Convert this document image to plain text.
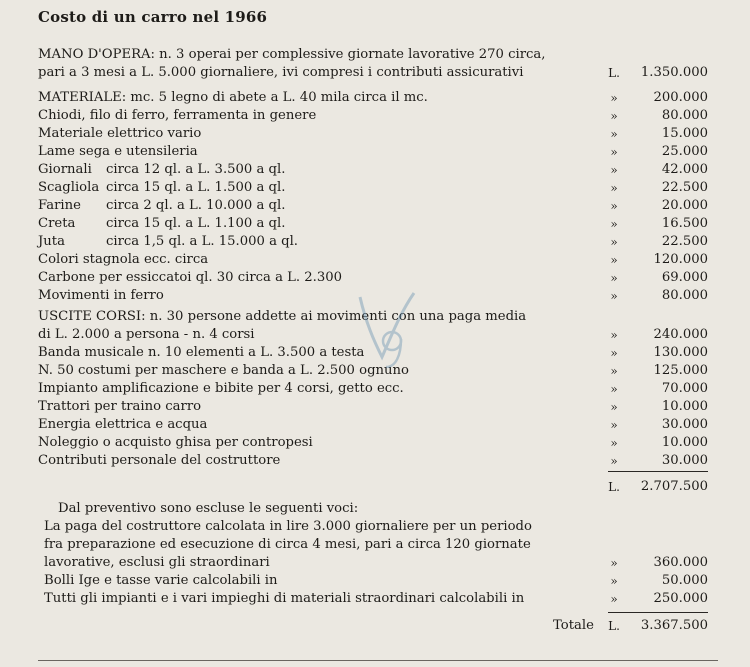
Costo di un carro nel 1966
MANO D'OPERA: n. 3 operai per complessive giornate lavorative 270 circa,
pari a 3 mesi a L. 5.000 giornaliere, ivi compresi i contributi assicurativi	L.	1.350.000
MATERIALE: mc. 5 legno di abete a L. 40 mila circa il mc.	»	200.000
Chiodi, filo di ferro, ferramenta in genere	»	80.000
Materiale elettrico vario	»	15.000
Lame sega e utensileria	»	25.000
Giornali circa 12 ql. a L. 3.500 a ql.	»	42.000
Scagliola circa 15 ql. a L. 1.500 a ql.	»	22.500
Farine circa 2 ql. a L. 10.000 a ql.	»	20.000
Creta circa 15 ql. a L. 1.100 a ql.	»	16.500
Juta	circa 1,5 ql. a L. 15.000 a ql.	»	22.500
Colori stagnola ecc. circa	»	120.000
Carbone per essiccatoi ql. 30 circa a L. 2.300	»	69.000
Movimenti in ferro	»	80.000
USCITE CORSI: n. 30 persone addette ai movimenti con una paga media
di L. 2.000 a persona - n. 4 corsi	»	240.000
Banda musicale n. 10 elementi a L. 3.500 a testa	»	130.000
N. 50 costumi per maschere e banda a L. 2.500 ognuno	»	125.000
Impianto amplificazione e bibite per 4 corsi, getto ecc.	»	70.000
Trattori per traino carro	»	10.000
Energia elettrica e acqua	»	30.000
Noleggio o acquisto ghisa per contropesi	»	10.000
Contributi personale del costruttore	»	30.000
L.	2.707.500
Dal preventivo sono escluse le seguenti voci:
La paga del costruttore calcolata in lire 3.000 giornaliere per un periodo
fra preparazione ed esecuzione di circa 4 mesi, pari a circa 120 giornate
lavorative, esclusi gli straordinari	»	360.000
Bolli Ige e tasse varie calcolabili in	»	50.000
Tutti gli impianti e i vari impieghi di materiali straordinari calcolabili in	»	250.000
Totale	L.	3.367.500
